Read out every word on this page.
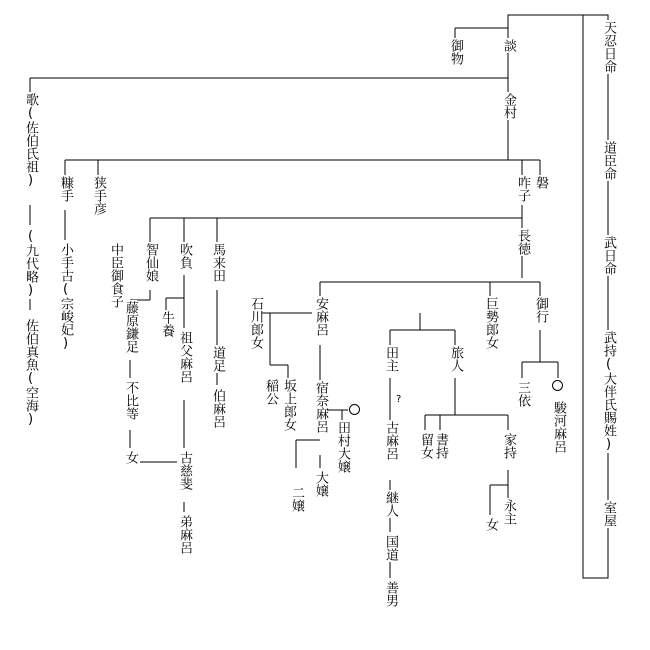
天忍日命
道臣命
武日命
武持(大伴氏賜姓)
室屋
談
御物
金村
歌(佐伯氏祖)
(九代略)
佐伯真魚(空海)
糠手
小手古(宗峻妃)
狭手彦	磐
咋子
長徳
智仙娘
中臣御食子
藤原鎌足
不比等
女
吹負
牛養
祖父麻呂
古慈斐
弟麻呂
馬来田
道足
伯麻呂
石川郎女	安麻呂
稲公 坂上郎女 宿奈麻呂
田村大嬢
大嬢
二嬢
巨勢郎女
田主
?
古麻呂
継人
国道
善男
旅人
留女 書持	家持
永主
女
御行
三依
駿河麻呂
